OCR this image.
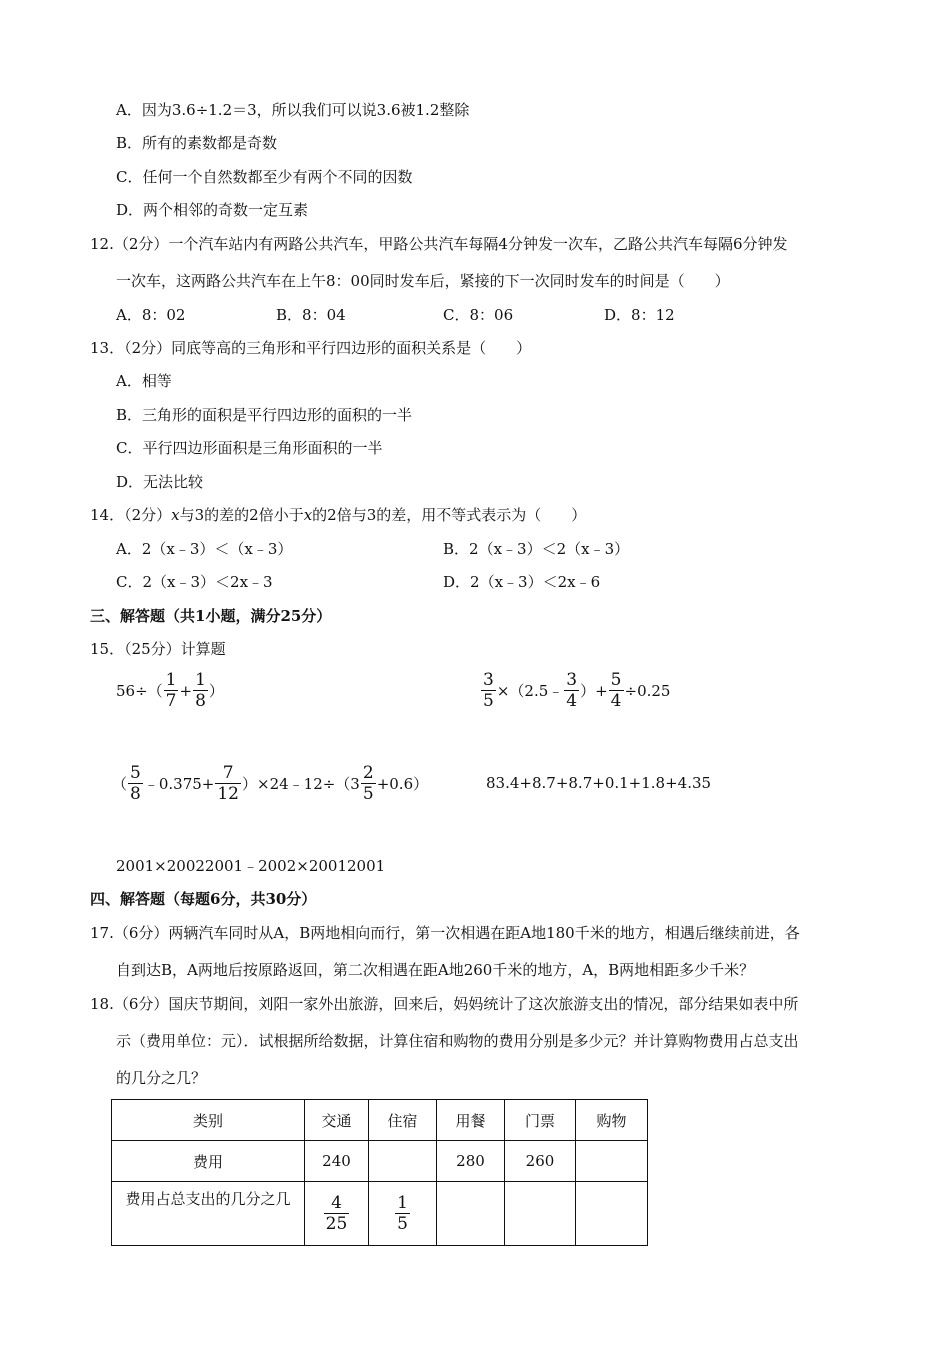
A．因为3.6÷1.2＝3，所以我们可以说3.6被1.2整除
B．所有的素数都是奇数
C．任何一个自然数都至少有两个不同的因数
D．两个相邻的奇数一定互素
12.（2分）一个汽车站内有两路公共汽车，甲路公共汽车每隔4分钟发一次车，乙路公共汽车每隔6分钟发
一次车，这两路公共汽车在上午8：00同时发车后，紧接的下一次同时发车的时间是（　　）
A．8：02	B．8：04	C．8：06	D．8：12
13．（2分）同底等高的三角形和平行四边形的面积关系是（　　）
A．相等
B．三角形的面积是平行四边形的面积的一半
C．平行四边形面积是三角形面积的一半
D．无法比较
14．（2分）x与3的差的2倍小于x的2倍与3的差，用不等式表示为（　　）
A．2（x﹣3）＜（x﹣3）	B．2（x﹣3）＜2（x﹣3）
C．2（x﹣3）＜2x﹣3	D．2（x﹣3）＜2x﹣6
三、解答题（共1小题，满分25分）
15．（25分）计算题
$56\div( \frac{1}{7} + \frac{1}{8}$ ）	$\frac{3}{5}$ ×（2.5﹣ $\frac{3}{4}$ ）+ $\frac{5}{4} \div 0.25$
（ $\frac{5}{8}$ ﹣0.375+ $\frac{7}{12}$ ）×24﹣12÷（3 $\frac{2}{5} +0.6$）	83.4+8.7+8.7+0.1+1.8+4.35
2001×20022001﹣2002×20012001
四、解答题（每题6分，共30分）
17.（6分）两辆汽车同时从A，B两地相向而行，第一次相遇在距A地180千米的地方，相遇后继续前进，各
自到达B，A两地后按原路返回，第二次相遇在距A地260千米的地方，A，B两地相距多少千米？
18.（6分）国庆节期间，刘阳一家外出旅游，回来后，妈妈统计了这次旅游支出的情况，部分结果如表中所
示（费用单位：元）．试根据所给数据，计算住宿和购物的费用分别是多少元？并计算购物费用占总支出
的几分之几？
类别	交通	住宿	用餐	门票	购物
费用	240		280	260	
费用占总支出的几分之几	$\frac{4}{25}$	$\frac{1}{5}$
